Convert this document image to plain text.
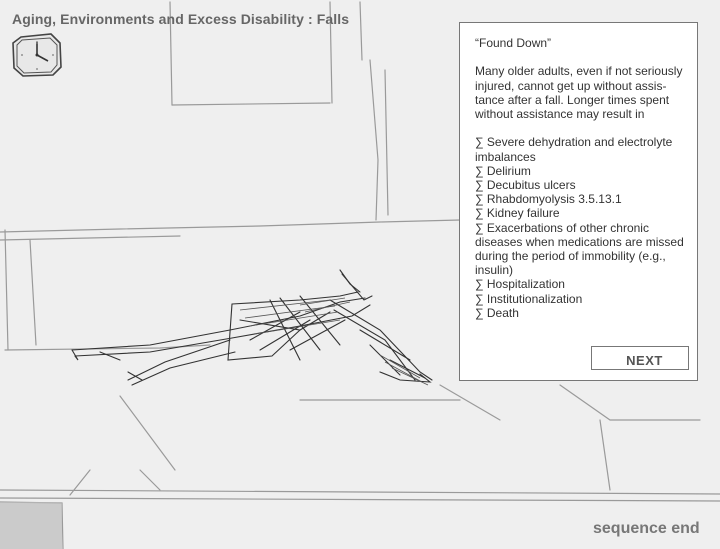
Aging, Environments and Excess Disability : Falls

“Found Down”

Many older adults, even if not seriously injured, cannot get up without assis-tance after a fall. Longer times spent without assistance may result in

∑ Severe dehydration and electrolyte imbalances

∑ Delirium

∑ Decubitus ulcers

∑ Rhabdomyolysis 3.5.13.1

∑ Kidney failure

∑ Exacerbations of other chronic diseases when medications are missed during the period of immobility (e.g., insulin)

∑ Hospitalization

∑ Institutionalization

∑ Death

NEXT
sequence end
